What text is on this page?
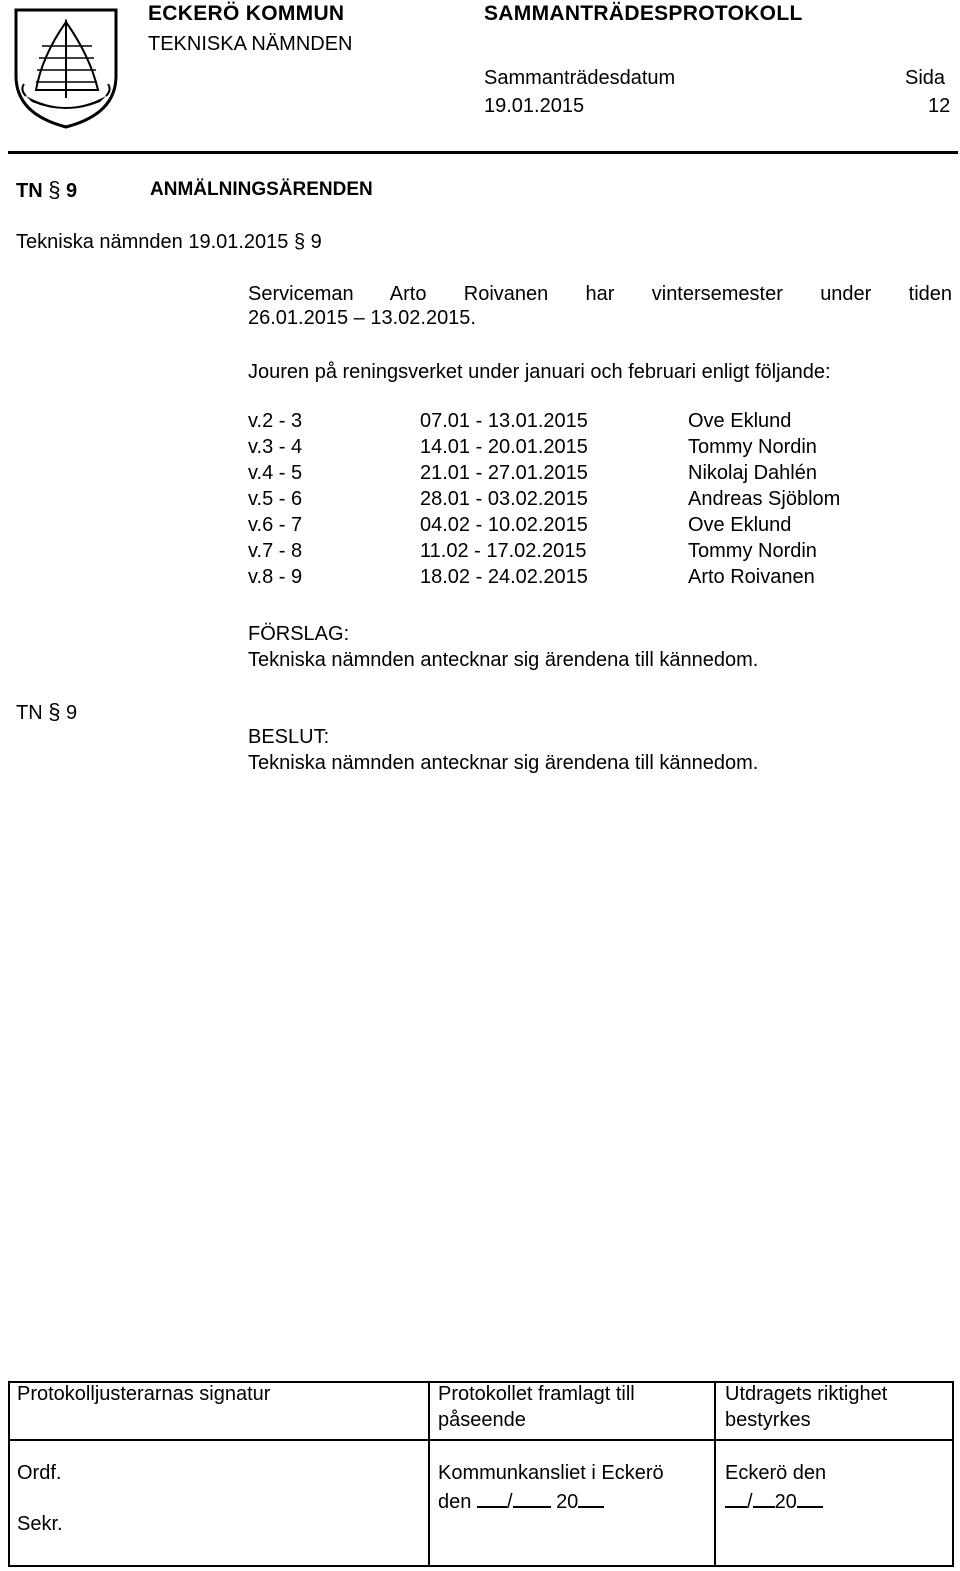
ECKERÖ KOMMUN
TEKNISKA NÄMNDEN
SAMMANTRÄDESPROTOKOLL
Sammanträdesdatum
19.01.2015
Sida
12
TN § 9	ANMÄLNINGSÄRENDEN
Tekniska nämnden 19.01.2015 § 9
Serviceman Arto Roivanen har vintersemester under tiden
26.01.2015 – 13.02.2015.
Jouren på reningsverket under januari och februari enligt följande:
v.2 - 3	07.01 - 13.01.2015	Ove Eklund
v.3 - 4	14.01 - 20.01.2015	Tommy Nordin
v.4 - 5	21.01 - 27.01.2015	Nikolaj Dahlén
v.5 - 6	28.01 - 03.02.2015	Andreas Sjöblom
v.6 - 7	04.02 - 10.02.2015	Ove Eklund
v.7 - 8	11.02 - 17.02.2015	Tommy Nordin
v.8 - 9	18.02 - 24.02.2015	Arto Roivanen
FÖRSLAG:
Tekniska nämnden antecknar sig ärendena till kännedom.
TN § 9
BESLUT:
Tekniska nämnden antecknar sig ärendena till kännedom.
Protokolljusterarnas signatur	Protokollet framlagt till
påseende
Utdragets riktighet
bestyrkes
Ordf.
Sekr.
Kommunkansliet i Eckerö
den / 20
Eckerö den
/ 20
